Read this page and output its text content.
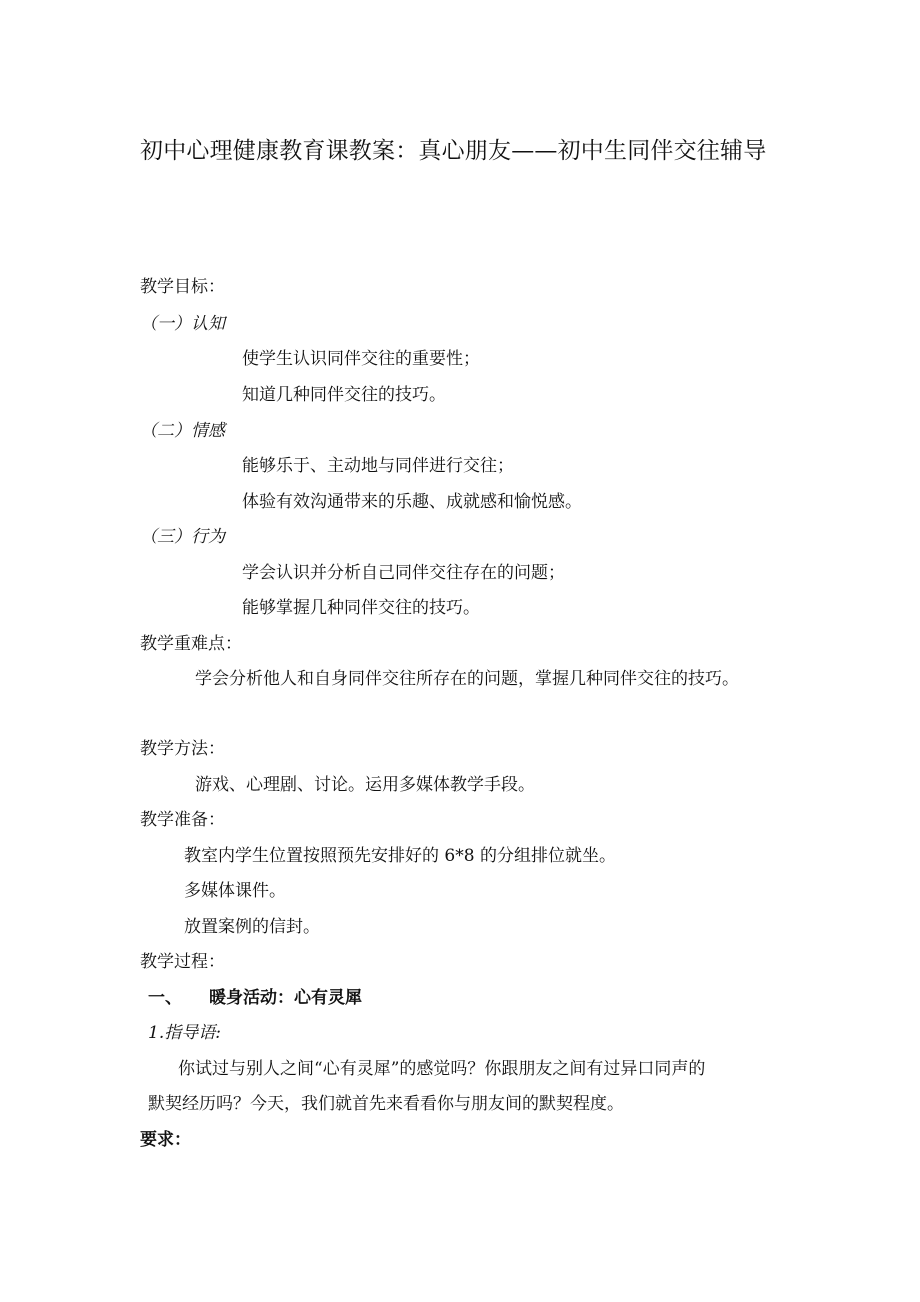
初中心理健康教育课教案：真心朋友——初中生同伴交往辅导
教学目标：
（一）认知
使学生认识同伴交往的重要性；
知道几种同伴交往的技巧。
（二）情感
能够乐于、主动地与同伴进行交往；
体验有效沟通带来的乐趣、成就感和愉悦感。
（三）行为
学会认识并分析自己同伴交往存在的问题；
能够掌握几种同伴交往的技巧。
教学重难点：
学会分析他人和自身同伴交往所存在的问题，掌握几种同伴交往的技巧。
教学方法：
游戏、心理剧、讨论。运用多媒体教学手段。
教学准备：
教室内学生位置按照预先安排好的 6*8 的分组排位就坐。
多媒体课件。
放置案例的信封。
教学过程：
一、 暖身活动：心有灵犀
1.指导语:
你试过与别人之间“心有灵犀”的感觉吗？你跟朋友之间有过异口同声的
默契经历吗？今天，我们就首先来看看你与朋友间的默契程度。
要求：
